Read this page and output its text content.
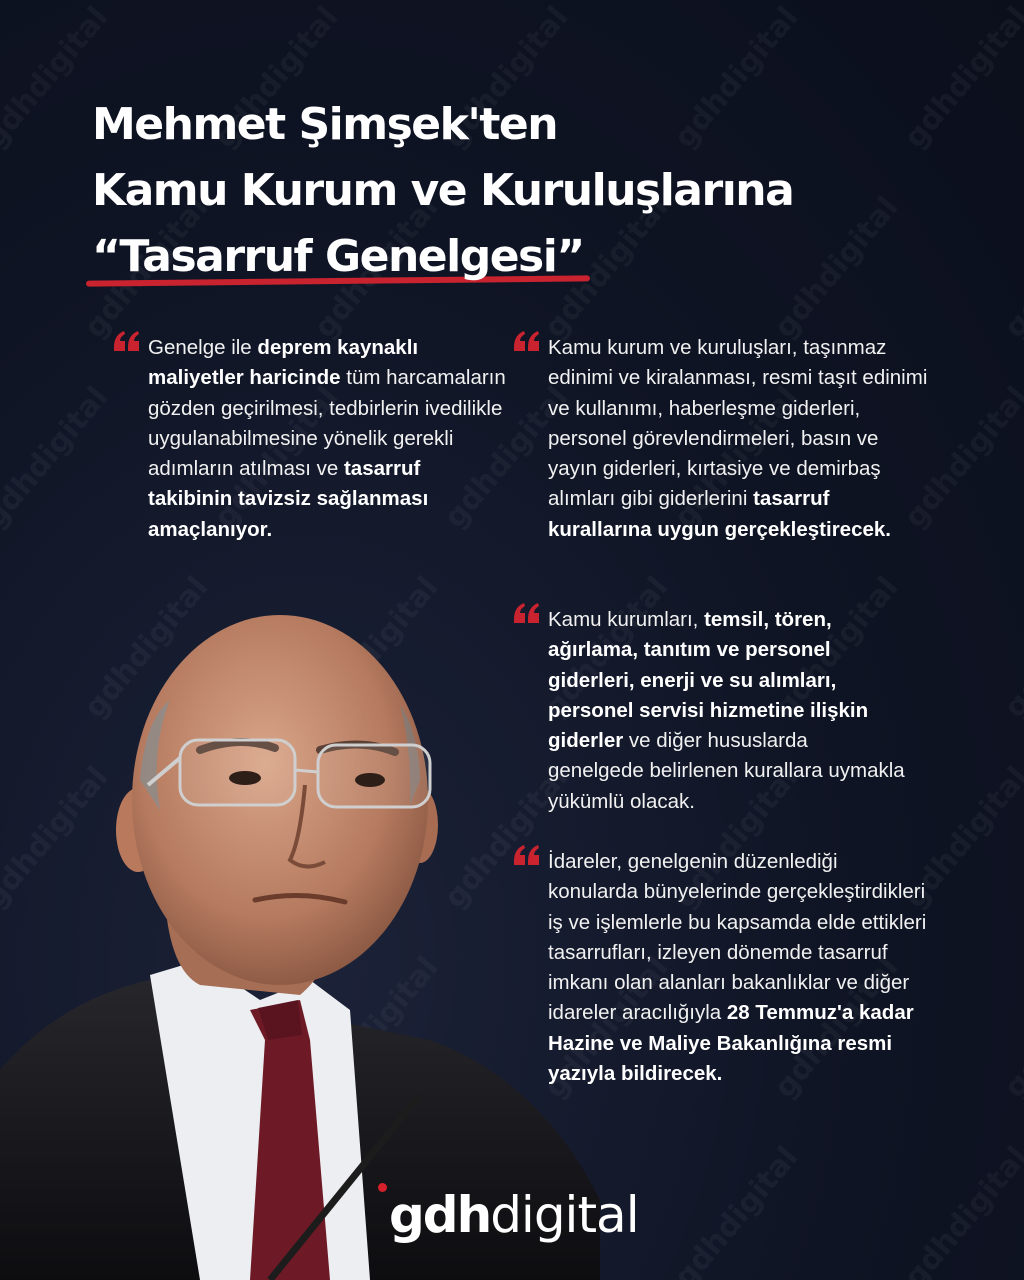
Mehmet Şimşek'ten
Kamu Kurum ve Kuruluşlarına
“Tasarruf Genelgesi”
Genelge ile deprem kaynaklı maliyetler haricinde tüm harcamaların gözden geçirilmesi, tedbirlerin ivedilikle uygulanabilmesine yönelik gerekli adımların atılması ve tasarruf takibinin tavizsiz sağlanması amaçlanıyor.
Kamu kurum ve kuruluşları, taşınmaz edinimi ve kiralanması, resmi taşıt edinimi ve kullanımı, haberleşme giderleri, personel görevlendirmeleri, basın ve yayın giderleri, kırtasiye ve demirbaş alımları gibi giderlerini tasarruf kurallarına uygun gerçekleştirecek.
Kamu kurumları, temsil, tören, ağırlama, tanıtım ve personel giderleri, enerji ve su alımları, personel servisi hizmetine ilişkin giderler ve diğer hususlarda genelgede belirlenen kurallara uymakla yükümlü olacak.
İdareler, genelgenin düzenlediği konularda bünyelerinde gerçekleştirdikleri iş ve işlemlerle bu kapsamda elde ettikleri tasarrufları, izleyen dönemde tasarruf imkanı olan alanları bakanlıklar ve diğer idareler aracılığıyla 28 Temmuz'a kadar Hazine ve Maliye Bakanlığına resmi yazıyla bildirecek.
gdh digital
